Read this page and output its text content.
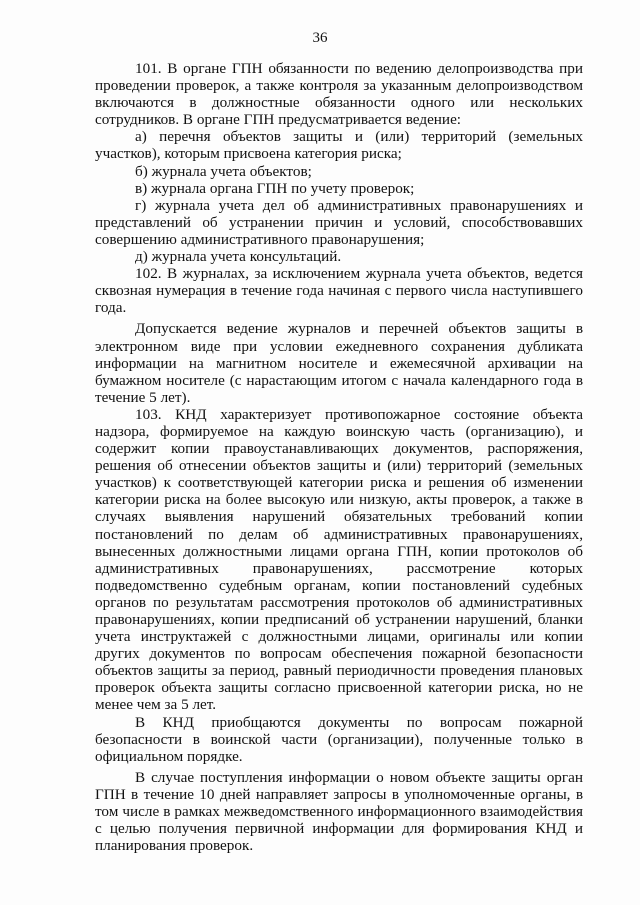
36

101. В органе ГПН обязанности по ведению делопроизводства при проведении проверок, а также контроля за указанным делопроизводством включаются в должностные обязанности одного или нескольких сотрудников. В органе ГПН предусматривается ведение:

а) перечня объектов защиты и (или) территорий (земельных участков), которым присвоена категория риска;

б) журнала учета объектов;

в) журнала органа ГПН по учету проверок;

г) журнала учета дел об административных правонарушениях и представлений об устранении причин и условий, способствовавших совершению административного правонарушения;

д) журнала учета консультаций.

102. В журналах, за исключением журнала учета объектов, ведется сквозная нумерация в течение года начиная с первого числа наступившего года.

Допускается ведение журналов и перечней объектов защиты в электронном виде при условии ежедневного сохранения дубликата информации на магнитном носителе и ежемесячной архивации на бумажном носителе (с нарастающим итогом с начала календарного года в течение 5 лет).

103. КНД характеризует противопожарное состояние объекта надзора, формируемое на каждую воинскую часть (организацию), и содержит копии правоустанавливающих документов, распоряжения, решения об отнесении объектов защиты и (или) территорий (земельных участков) к соответствующей категории риска и решения об изменении категории риска на более высокую или низкую, акты проверок, а также в случаях выявления нарушений обязательных требований копии постановлений по делам об административных правонарушениях, вынесенных должностными лицами органа ГПН, копии протоколов об административных правонарушениях, рассмотрение которых подведомственно судебным органам, копии постановлений судебных органов по результатам рассмотрения протоколов об административных правонарушениях, копии предписаний об устранении нарушений, бланки учета инструктажей с должностными лицами, оригиналы или копии других документов по вопросам обеспечения пожарной безопасности объектов защиты за период, равный периодичности проведения плановых проверок объекта защиты согласно присвоенной категории риска, но не менее чем за 5 лет.

В КНД приобщаются документы по вопросам пожарной безопасности в воинской части (организации), полученные только в официальном порядке.

В случае поступления информации о новом объекте защиты орган ГПН в течение 10 дней направляет запросы в уполномоченные органы, в том числе в рамках межведомственного информационного взаимодействия с целью получения первичной информации для формирования КНД и планирования проверок.
